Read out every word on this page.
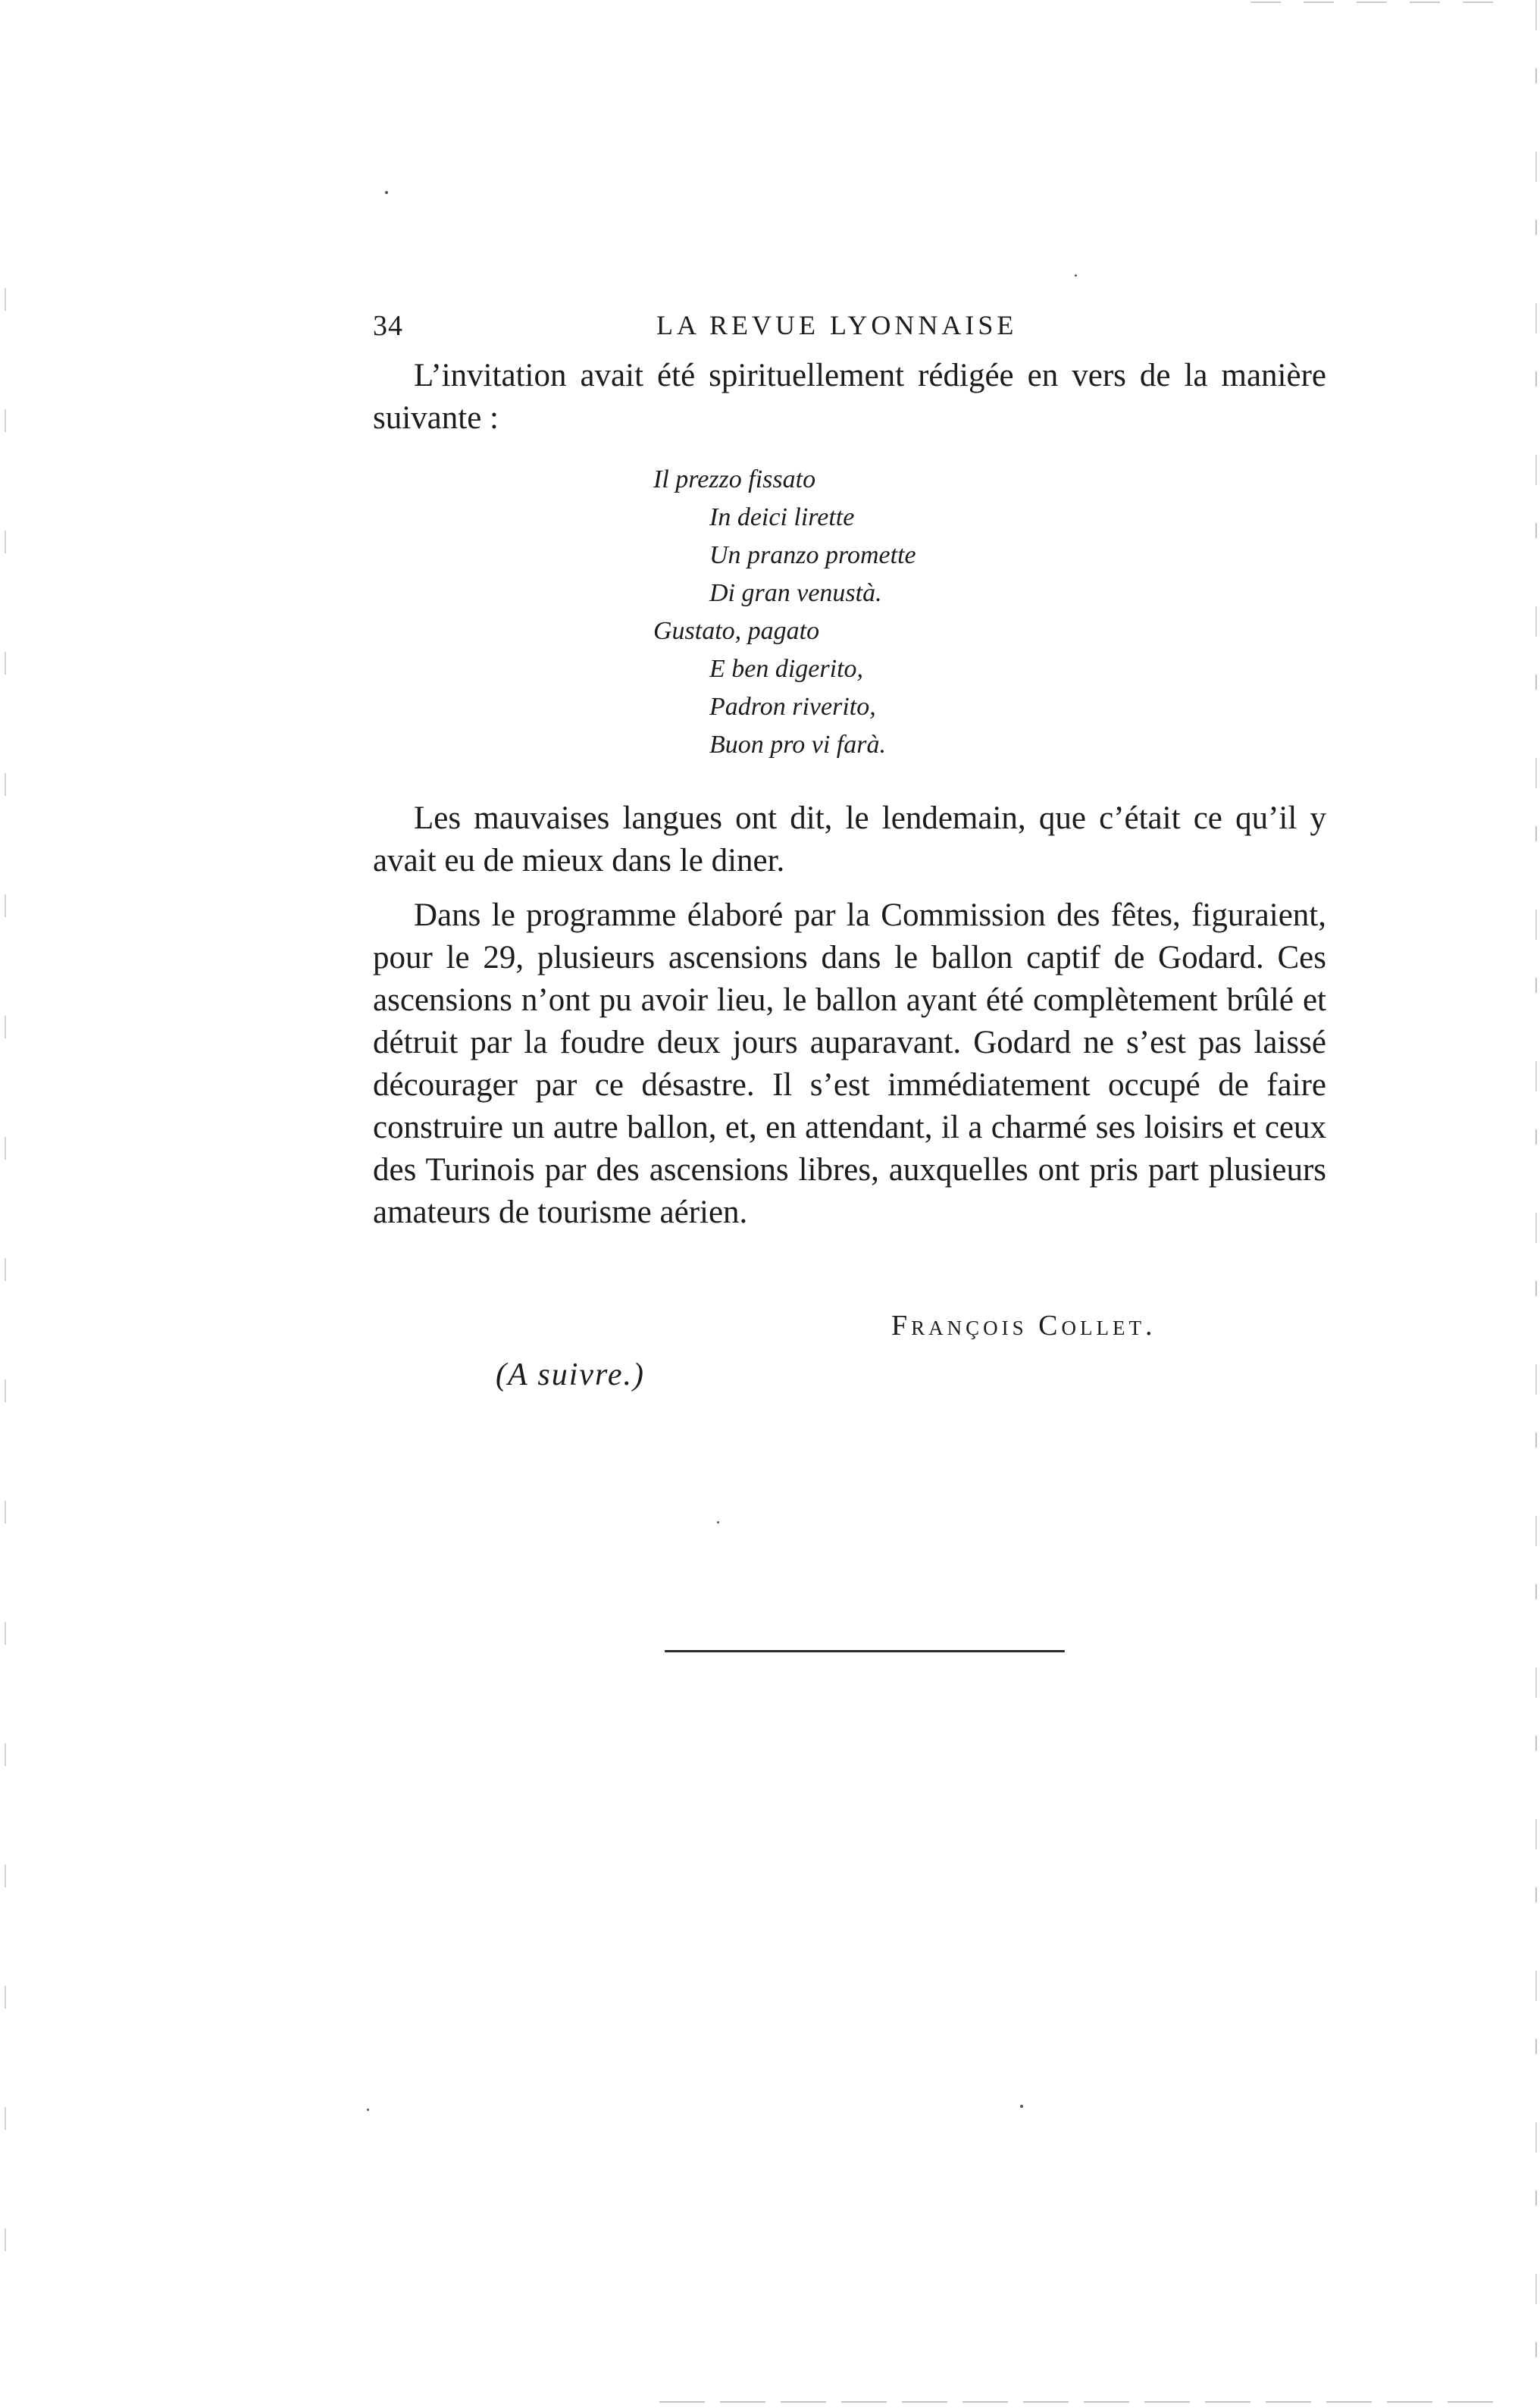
34	LA REVUE LYONNAISE

L’invitation avait été spirituellement rédigée en vers de la manière suivante :

Il prezzo fissato
In deici lirette
Un pranzo promette
Di gran venustà.
Gustato, pagato
E ben digerito,
Padron riverito,
Buon pro vi farà.

Les mauvaises langues ont dit, le lendemain, que c’était ce qu’il y avait eu de mieux dans le diner.

Dans le programme élaboré par la Commission des fêtes, figuraient, pour le 29, plusieurs ascensions dans le ballon captif de Godard. Ces ascensions n’ont pu avoir lieu, le ballon ayant été complètement brûlé et détruit par la foudre deux jours auparavant. Godard ne s’est pas laissé décourager par ce désastre. Il s’est immédiatement occupé de faire construire un autre ballon, et, en attendant, il a charmé ses loisirs et ceux des Turinois par des ascensions libres, auxquelles ont pris part plusieurs amateurs de tourisme aérien.

François Collet.
(A suivre.)
